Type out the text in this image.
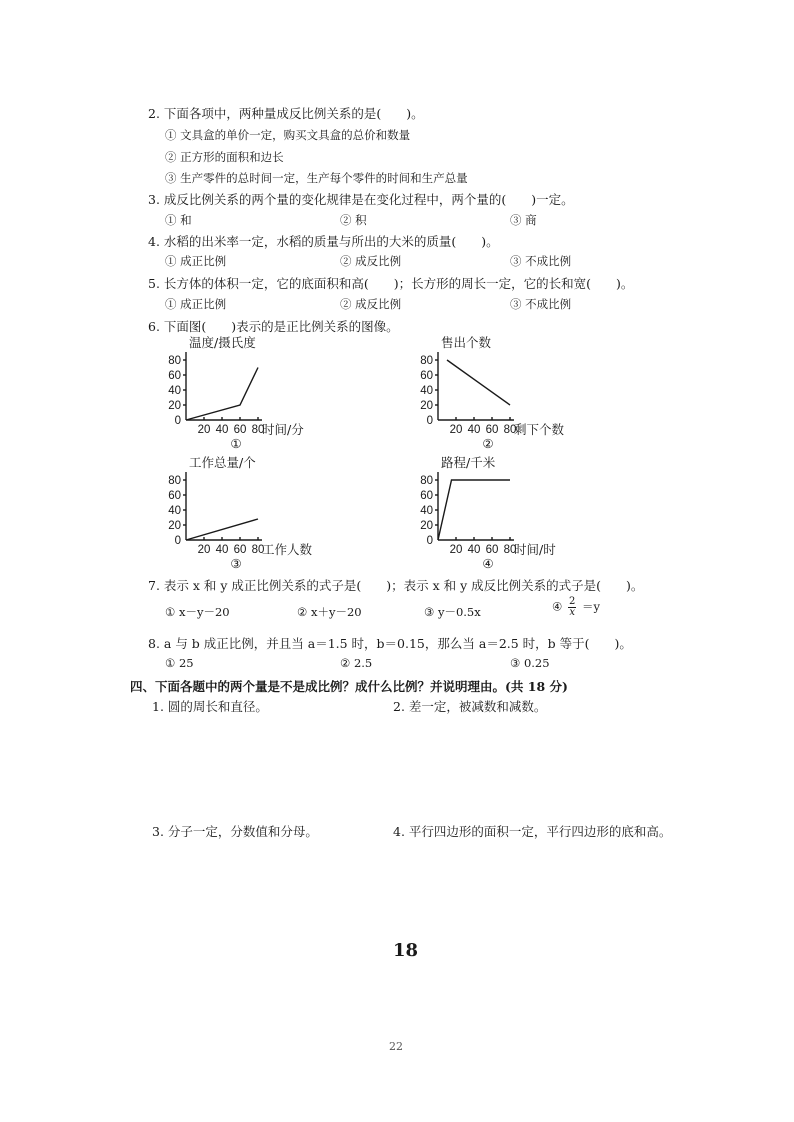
2. 下面各项中，两种量成反比例关系的是(　　)。
① 文具盒的单价一定，购买文具盒的总价和数量
② 正方形的面积和边长
③ 生产零件的总时间一定，生产每个零件的时间和生产总量
3. 成反比例关系的两个量的变化规律是在变化过程中，两个量的(　　)一定。
① 和	② 积	③ 商
4. 水稻的出米率一定，水稻的质量与所出的大米的质量(　　)。
① 成正比例	② 成反比例	③ 不成比例
5. 长方体的体积一定，它的底面积和高(　　)；长方形的周长一定，它的长和宽(　　)。
① 成正比例	② 成反比例	③ 不成比例
6. 下面图(　　)表示的是正比例关系的图像。
0
20
40
60
80
20 40 60 80
温度/摄氏度
时间/分
①
0
20
40
60
80
20 40 60 80
售出个数
剩下个数
②
0
20
40
60
80
20 40 60 80
工作总量/个
工作人数
③
0
20
40
60
80
20 40 60 80
路程/千米
时间/时
④
7. 表示 x 和 y 成正比例关系的式子是(　　)；表示 x 和 y 成反比例关系的式子是(　　)。
① x－y－20	② x＋y－20	③ y－0.5x	④ $\frac{2}{x} =y$
8. a 与 b 成正比例，并且当 a＝1.5 时，b＝0.15，那么当 a＝2.5 时，b 等于(　　)。
① 25	② 2.5	③ 0.25
四、下面各题中的两个量是不是成比例？成什么比例？并说明理由。(共 18 分)
1. 圆的周长和直径。	2. 差一定，被减数和减数。
3. 分子一定，分数值和分母。	4. 平行四边形的面积一定，平行四边形的底和高。
18
22
